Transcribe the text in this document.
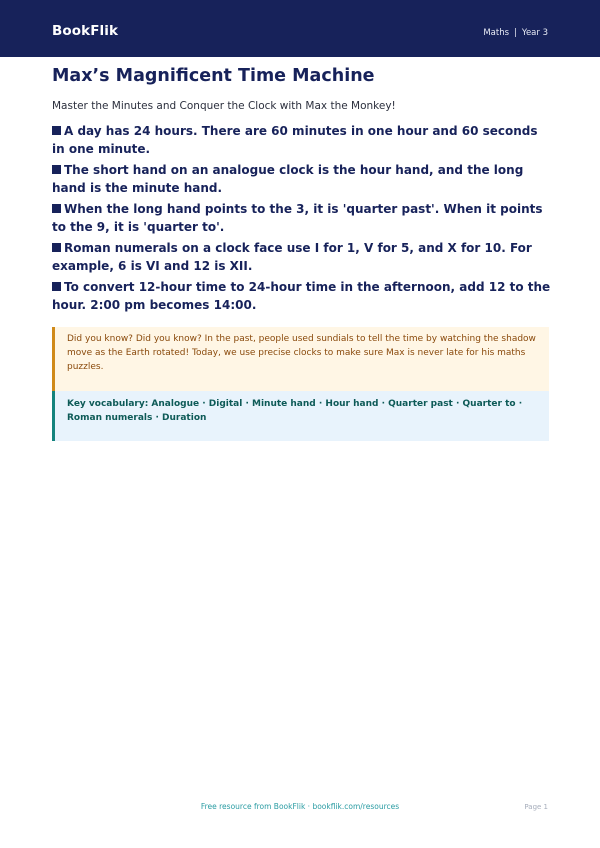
BookFlik	Maths | Year 3
Max’s Magnificent Time Machine

Master the Minutes and Conquer the Clock with Max the Monkey!

A day has 24 hours. There are 60 minutes in one hour and 60 seconds in one minute.
The short hand on an analogue clock is the hour hand, and the long hand is the minute hand.
When the long hand points to the 3, it is 'quarter past'. When it points to the 9, it is 'quarter to'.
Roman numerals on a clock face use I for 1, V for 5, and X for 10. For example, 6 is VI and 12 is XII.
To convert 12-hour time to 24-hour time in the afternoon, add 12 to the hour. 2:00 pm becomes 14:00.
Did you know? Did you know? In the past, people used sundials to tell the time by watching the shadow move as the Earth rotated! Today, we use precise clocks to make sure Max is never late for his maths puzzles.
Key vocabulary: Analogue · Digital · Minute hand · Hour hand · Quarter past · Quarter to · Roman numerals · Duration
Free resource from BookFlik · bookflik.com/resources	Page 1
